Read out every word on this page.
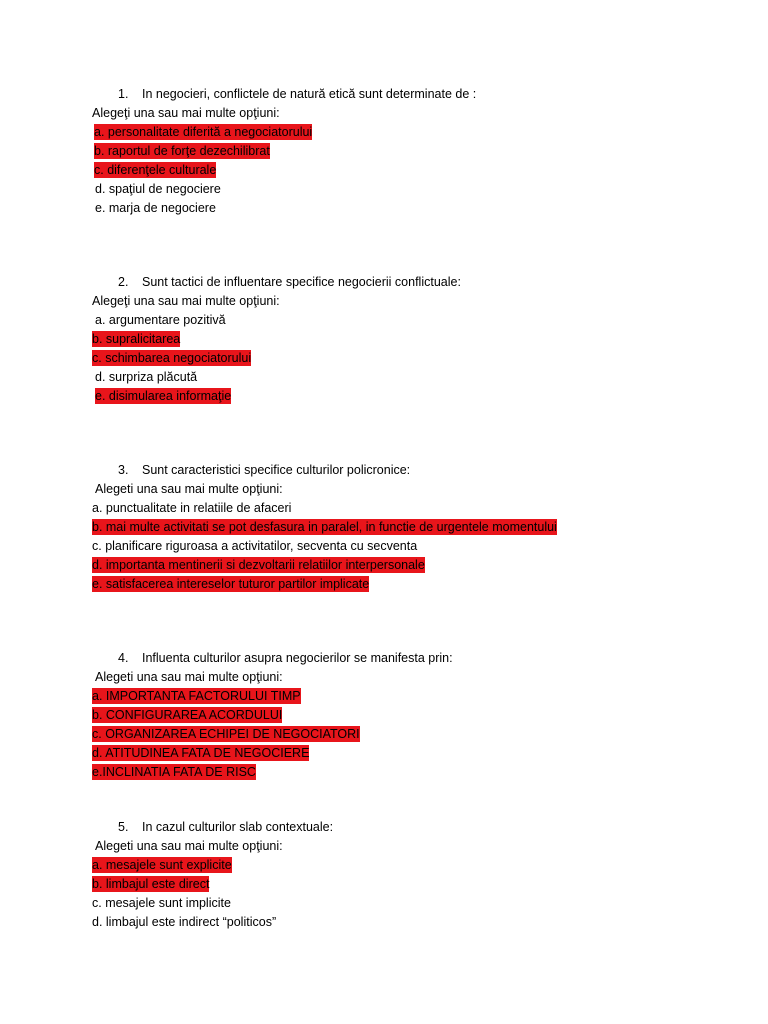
1. In negocieri, conflictele de natură etică sunt determinate de :
Alegeţi una sau mai multe opţiuni:
a. personalitate diferită a negociatorului
b. raportul de forţe dezechilibrat
c. diferenţele culturale
d. spaţiul de negociere
e. marja de negociere
2. Sunt tactici de influentare specifice negocierii conflictuale:
Alegeţi una sau mai multe opţiuni:
a. argumentare pozitivă
b. supralicitarea
c. schimbarea negociatorului
d. surpriza plăcută
e. disimularea informaţie
3. Sunt caracteristici specifice culturilor policronice:
Alegeti una sau mai multe opţiuni:
a. punctualitate in relatiile de afaceri
b. mai multe activitati se pot desfasura in paralel, in functie de urgentele momentului
c. planificare riguroasa a activitatilor, secventa cu secventa
d. importanta mentinerii si dezvoltarii relatiilor interpersonale
e. satisfacerea intereselor tuturor partilor implicate
4. Influenta culturilor asupra negocierilor se manifesta prin:
Alegeti una sau mai multe opţiuni:
a. IMPORTANTA FACTORULUI TIMP
b. CONFIGURAREA ACORDULUI
c. ORGANIZAREA ECHIPEI DE NEGOCIATORI
d. ATITUDINEA FATA DE NEGOCIERE
e.INCLINATIA FATA DE RISC
5. In cazul culturilor slab contextuale:
Alegeti una sau mai multe opţiuni:
a. mesajele sunt explicite
b. limbajul este direct
c. mesajele sunt implicite
d. limbajul este indirect “politicos”
